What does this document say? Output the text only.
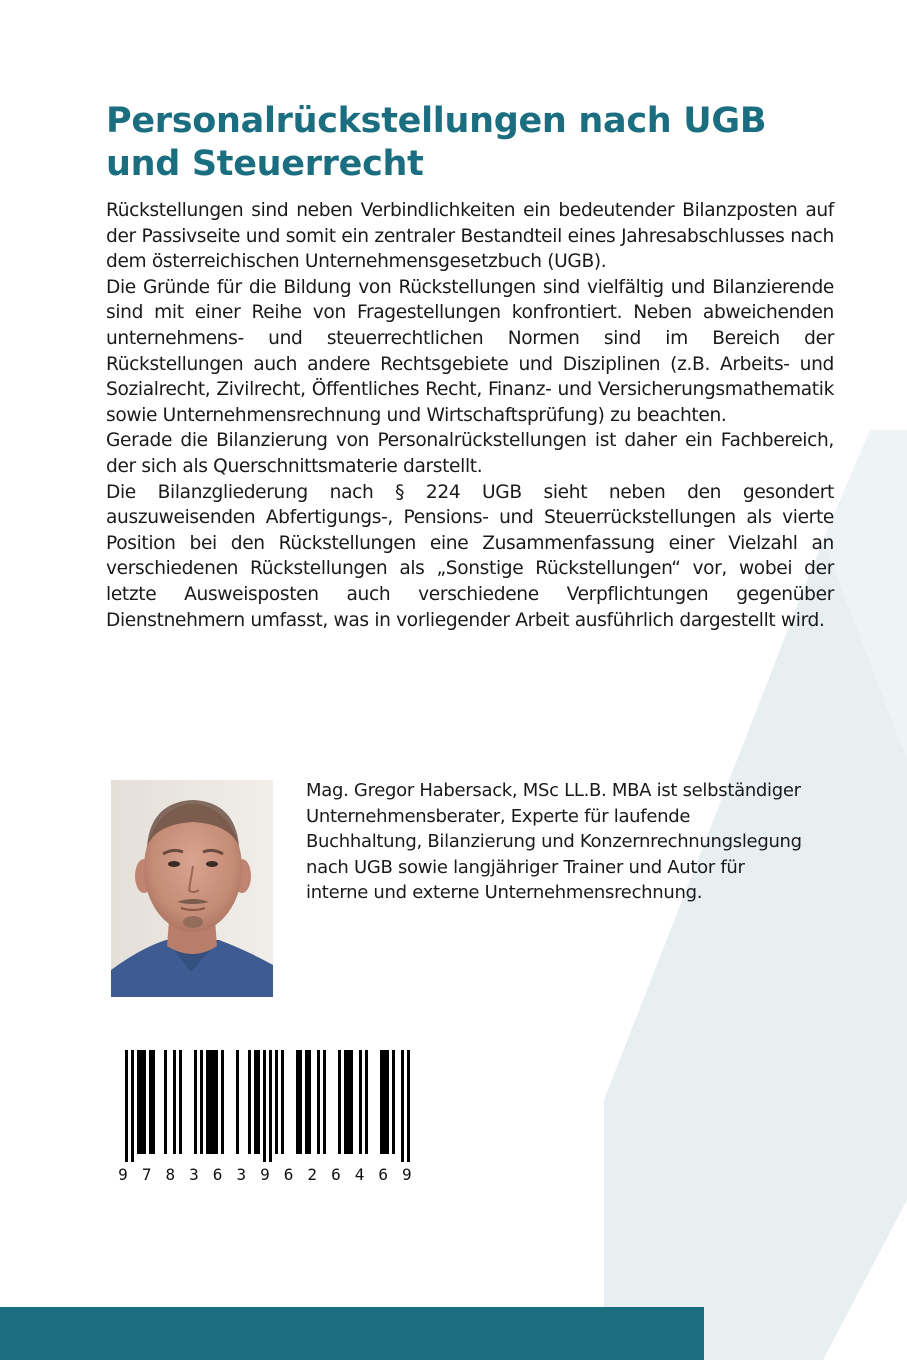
Personalrückstellungen nach UGB und Steuerrecht

Rückstellungen sind neben Verbindlichkeiten ein bedeutender Bilanzposten auf der Passivseite und somit ein zentraler Bestandteil eines Jahresabschlusses nach dem österreichischen Unternehmensgesetzbuch (UGB).

Die Gründe für die Bildung von Rückstellungen sind vielfältig und Bilanzierende sind mit einer Reihe von Fragestellungen konfrontiert. Neben abweichenden unternehmens- und steuerrechtlichen Normen sind im Bereich der Rückstellungen auch andere Rechtsgebiete und Disziplinen (z.B. Arbeits- und Sozialrecht, Zivilrecht, Öffentliches Recht, Finanz- und Versicherungsmathematik sowie Unternehmensrechnung und Wirtschaftsprüfung) zu beachten.

Gerade die Bilanzierung von Personalrückstellungen ist daher ein Fachbereich, der sich als Querschnittsmaterie darstellt.

Die Bilanzgliederung nach § 224 UGB sieht neben den gesondert auszuweisenden Abfertigungs-, Pensions- und Steuerrückstellungen als vierte Position bei den Rückstellungen eine Zusammenfassung einer Vielzahl an verschiedenen Rückstellungen als „Sonstige Rückstellungen“ vor, wobei der letzte Ausweisposten auch verschiedene Verpflichtungen gegenüber Dienstnehmern umfasst, was in vorliegender Arbeit ausführlich dargestellt wird.

Mag. Gregor Habersack, MSc LL.B. MBA ist selbständiger Unternehmensberater, Experte für laufende Buchhaltung, Bilanzierung und Konzernrechnungslegung nach UGB sowie langjähriger Trainer und Autor für interne und externe Unternehmensrechnung.

9 7 8 3 6 3 9 6 2 6 4 6 9
